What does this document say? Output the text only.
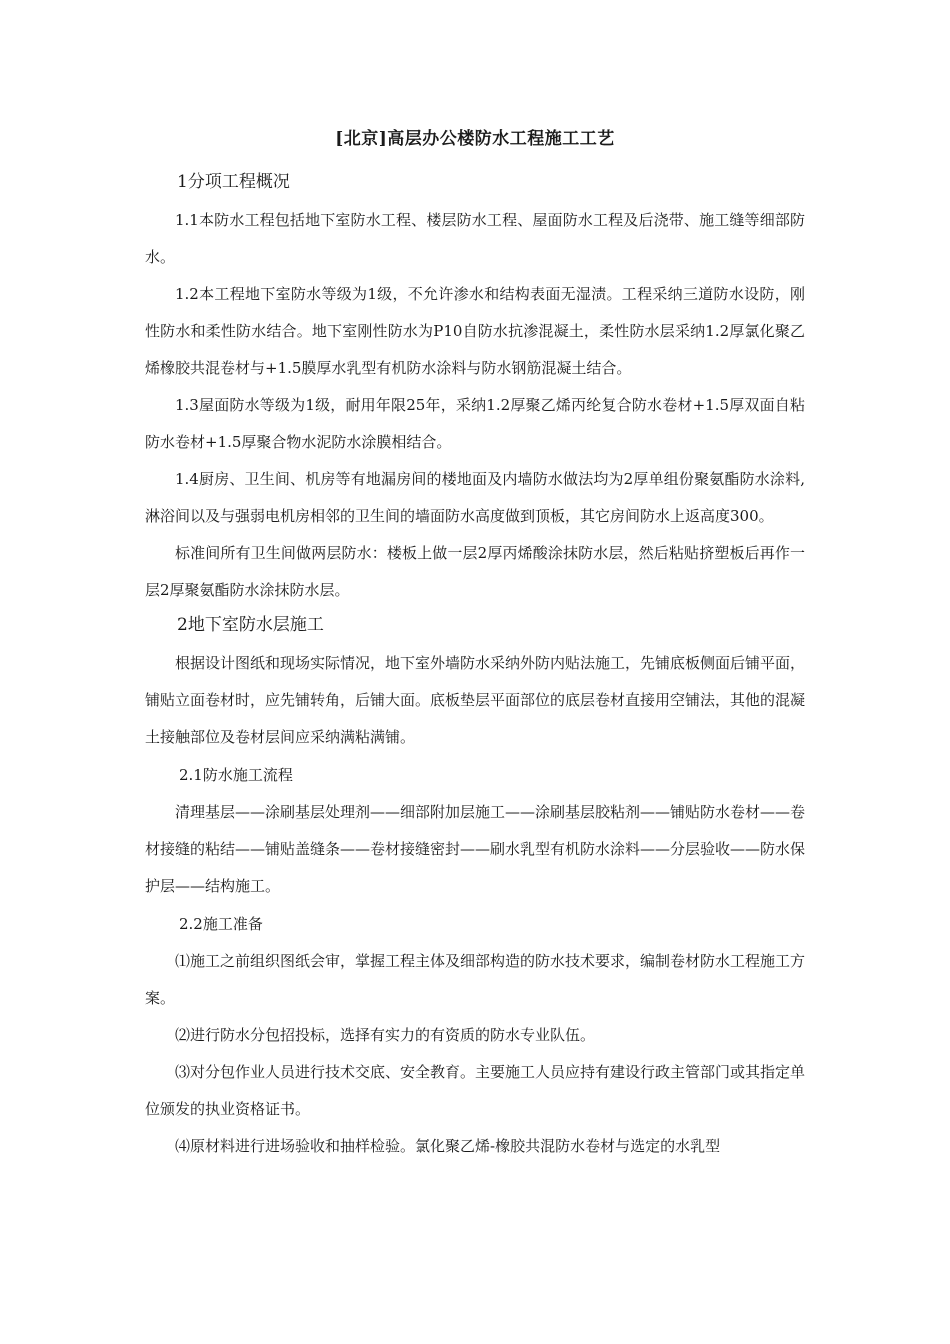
[北京]高层办公楼防水工程施工工艺
1分项工程概况
1.1本防水工程包括地下室防水工程、楼层防水工程、屋面防水工程及后浇带、施工缝等细部防水。
1.2本工程地下室防水等级为1级，不允许渗水和结构表面无湿渍。工程采纳三道防水设防，刚性防水和柔性防水结合。地下室刚性防水为P10自防水抗渗混凝土，柔性防水层采纳1.2厚氯化聚乙烯橡胶共混卷材与+1.5膜厚水乳型有机防水涂料与防水钢筋混凝土结合。
1.3屋面防水等级为1级，耐用年限25年，采纳1.2厚聚乙烯丙纶复合防水卷材+1.5厚双面自粘防水卷材+1.5厚聚合物水泥防水涂膜相结合。
1.4厨房、卫生间、机房等有地漏房间的楼地面及内墙防水做法均为2厚单组份聚氨酯防水涂料,淋浴间以及与强弱电机房相邻的卫生间的墙面防水高度做到顶板，其它房间防水上返高度300。
标准间所有卫生间做两层防水：楼板上做一层2厚丙烯酸涂抹防水层，然后粘贴挤塑板后再作一层2厚聚氨酯防水涂抹防水层。
2地下室防水层施工
根据设计图纸和现场实际情况，地下室外墙防水采纳外防内贴法施工，先铺底板侧面后铺平面，铺贴立面卷材时，应先铺转角，后铺大面。底板垫层平面部位的底层卷材直接用空铺法，其他的混凝土接触部位及卷材层间应采纳满粘满铺。
2.1防水施工流程
清理基层——涂刷基层处理剂——细部附加层施工——涂刷基层胶粘剂——铺贴防水卷材——卷材接缝的粘结——铺贴盖缝条——卷材接缝密封——刷水乳型有机防水涂料——分层验收——防水保护层——结构施工。
2.2施工准备
⑴施工之前组织图纸会审，掌握工程主体及细部构造的防水技术要求，编制卷材防水工程施工方案。
⑵进行防水分包招投标，选择有实力的有资质的防水专业队伍。
⑶对分包作业人员进行技术交底、安全教育。主要施工人员应持有建设行政主管部门或其指定单位颁发的执业资格证书。
⑷原材料进行进场验收和抽样检验。氯化聚乙烯-橡胶共混防水卷材与选定的水乳型
